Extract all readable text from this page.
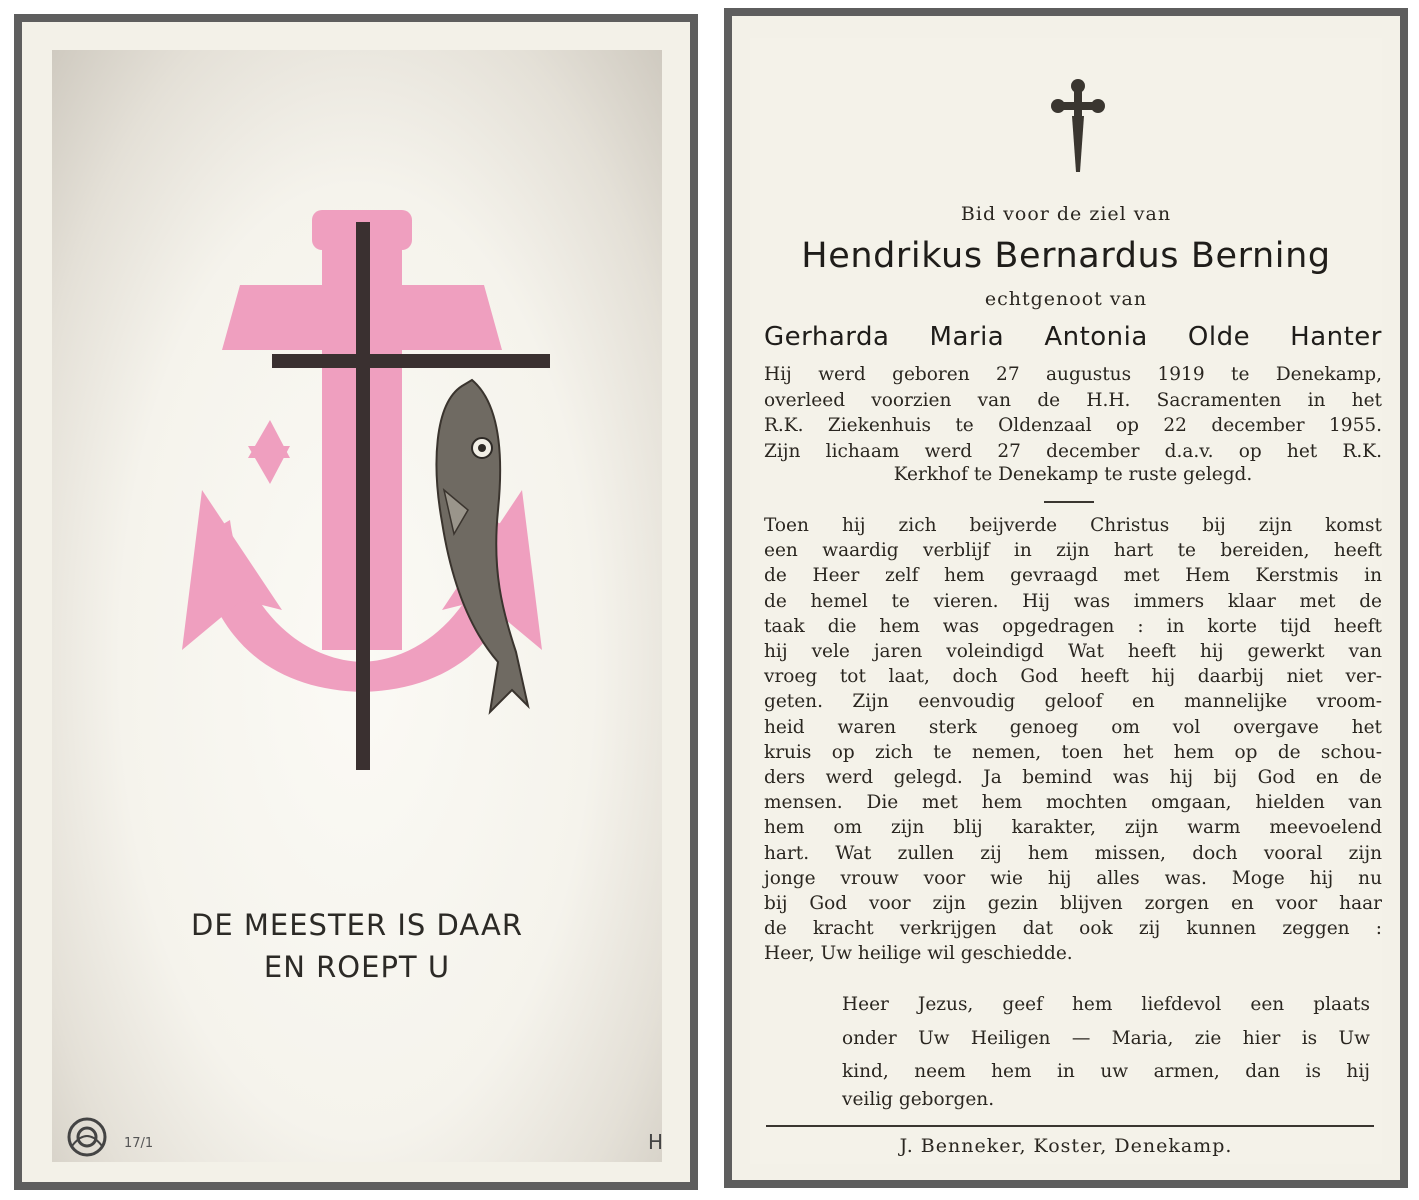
DE MEESTER IS DAAR
EN ROEPT U
17/1	H
Bid voor de ziel van
Hendrikus Bernardus Berning
echtgenoot van
Gerharda Maria Antonia Olde Hanter
Hij werd geboren 27 augustus 1919 te Denekamp,
overleed voorzien van de H.H. Sacramenten in het
R.K. Ziekenhuis te Oldenzaal op 22 december 1955.
Zijn lichaam werd 27 december d.a.v. op het R.K.
Kerkhof te Denekamp te ruste gelegd.
Toen hij zich beijverde Christus bij zijn komst
een waardig verblijf in zijn hart te bereiden, heeft
de Heer zelf hem gevraagd met Hem Kerstmis in
de hemel te vieren. Hij was immers klaar met de
taak die hem was opgedragen : in korte tijd heeft
hij vele jaren voleindigd Wat heeft hij gewerkt van
vroeg tot laat, doch God heeft hij daarbij niet ver-
geten. Zijn eenvoudig geloof en mannelijke vroom-
heid waren sterk genoeg om vol overgave het
kruis op zich te nemen, toen het hem op de schou-
ders werd gelegd. Ja bemind was hij bij God en de
mensen. Die met hem mochten omgaan, hielden van
hem om zijn blij karakter, zijn warm meevoelend
hart. Wat zullen zij hem missen, doch vooral zijn
jonge vrouw voor wie hij alles was. Moge hij nu
bij God voor zijn gezin blijven zorgen en voor haar
de kracht verkrijgen dat ook zij kunnen zeggen :
Heer, Uw heilige wil geschiedde.
Heer Jezus, geef hem liefdevol een plaats
onder Uw Heiligen — Maria, zie hier is Uw
kind, neem hem in uw armen, dan is hij
veilig geborgen.
J. Benneker, Koster, Denekamp.
